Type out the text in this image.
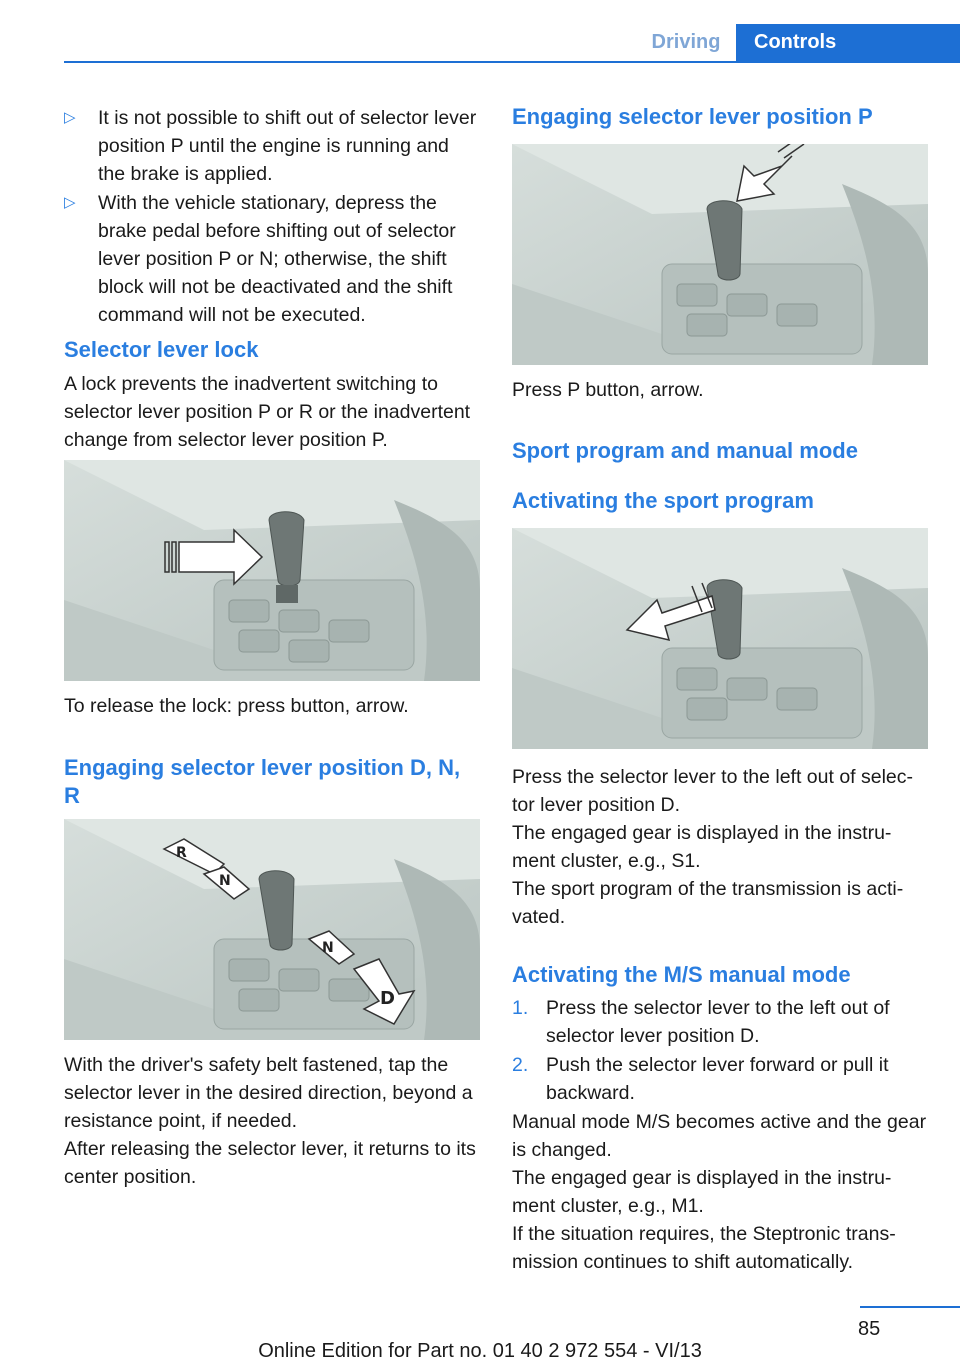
Driving	Controls
▷ It is not possible to shift out of selector lever position P until the engine is running and the brake is applied.
▷ With the vehicle stationary, depress the brake pedal before shifting out of selector lever position P or N; otherwise, the shift block will not be deactivated and the shift command will not be executed.
Selector lever lock

A lock prevents the inadvertent switching to selector lever position P or R or the inadvertent change from selector lever position P.

To release the lock: press button, arrow.

Engaging selector lever position D, N, R
R
N
N
D

With the driver's safety belt fastened, tap the selector lever in the desired direction, beyond a resistance point, if needed.

After releasing the selector lever, it returns to its center position.

Engaging selector lever position P

Press P button, arrow.

Sport program and manual mode
Activating the sport program

Press the selector lever to the left out of selec‐tor lever position D.

The engaged gear is displayed in the instru‐ment cluster, e.g., S1.

The sport program of the transmission is acti‐vated.

Activating the M/S manual mode
1. Press the selector lever to the left out of selector lever position D.
2. Push the selector lever forward or pull it backward.

Manual mode M/S becomes active and the gear is changed.

The engaged gear is displayed in the instru‐ment cluster, e.g., M1.

If the situation requires, the Steptronic trans‐mission continues to shift automatically.

85
Online Edition for Part no. 01 40 2 972 554 - VI/13
